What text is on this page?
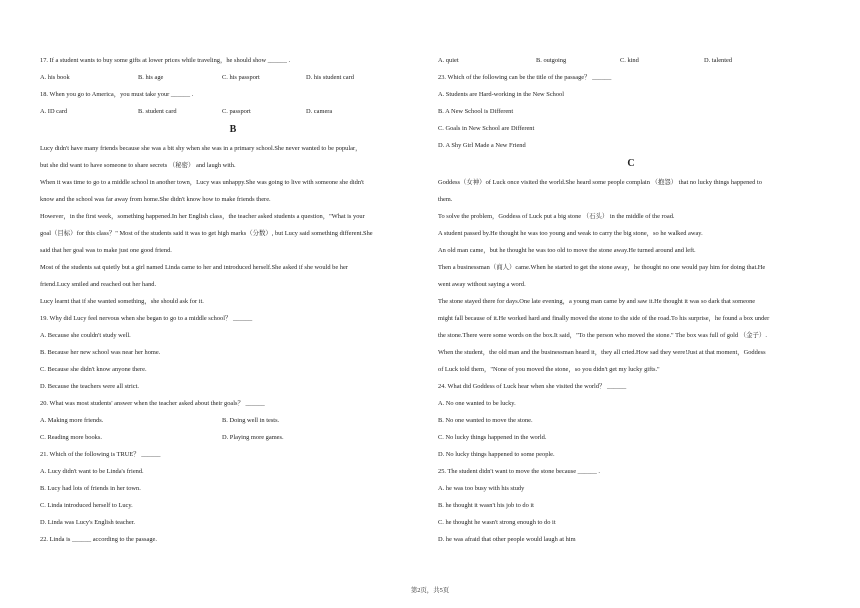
17. If a student wants to buy some gifts at lower prices while traveling，he should show ______ .
A. his book	B. his age	C. his passport	D. his student card
18. When you go to America，you must take your ______ .
A. ID card	B. student card	C. passport	D. camera
B
Lucy didn't have many friends because she was a bit shy when she was in a primary school.She never wanted to be popular，
but she did want to have someone to share secrets （秘密） and laugh with.
When it was time to go to a middle school in another town，Lucy was unhappy.She was going to live with someone she didn't
know and the school was far away from home.She didn't know how to make friends there.
However，in the first week，something happened.In her English class，the teacher asked students a question，"What is your
goal（目标）for this class？" Most of the students said it was to get high marks（分数）, but Lucy said something different.She
said that her goal was to make just one good friend.
Most of the students sat quietly but a girl named Linda came to her and introduced herself.She asked if she would be her
friend.Lucy smiled and reached out her hand.
Lucy learnt that if she wanted something，she should ask for it.
19. Why did Lucy feel nervous when she began to go to a middle school？ ______
A. Because she couldn't study well.
B. Because her new school was near her home.
C. Because she didn't know anyone there.
D. Because the teachers were all strict.
20. What was most students' answer when the teacher asked about their goals？ ______
A. Making more friends.	B. Doing well in tests.
C. Reading more books.	D. Playing more games.
21. Which of the following is TRUE？ ______
A. Lucy didn't want to be Linda's friend.
B. Lucy had lots of friends in her town.
C. Linda introduced herself to Lucy.
D. Linda was Lucy's English teacher.
22. Linda is ______ according to the passage.
A. quiet	B. outgoing	C. kind	D. talented
23. Which of the following can be the title of the passage？ ______
A. Students are Hard-working in the New School
B. A New School is Different
C. Goals in New School are Different
D. A Shy Girl Made a New Friend
C
Goddess（女神）of Luck once visited the world.She heard some people complain （抱怨） that no lucky things happened to
them.
To solve the problem，Goddess of Luck put a big stone （石头） in the middle of the road.
A student passed by.He thought he was too young and weak to carry the big stone，so he walked away.
An old man came，but he thought he was too old to move the stone away.He turned around and left.
Then a businessman（商人）came.When he started to get the stone away，he thought no one would pay him for doing that.He
went away without saying a word.
The stone stayed there for days.One late evening，a young man came by and saw it.He thought it was so dark that someone
might fall because of it.He worked hard and finally moved the stone to the side of the road.To his surprise，he found a box under
the stone.There were some words on the box.It said，"To the person who moved the stone." The box was full of gold （金子）.
When the student，the old man and the businessman heard it，they all cried.How sad they were!Just at that moment，Goddess
of Luck told them，"None of you moved the stone，so you didn't get my lucky gifts."
24. What did Goddess of Luck hear when she visited the world？ ______
A. No one wanted to be lucky.
B. No one wanted to move the stone.
C. No lucky things happened in the world.
D. No lucky things happened to some people.
25. The student didn't want to move the stone because ______ .
A. he was too busy with his study
B. he thought it wasn't his job to do it
C. he thought he wasn't strong enough to do it
D. he was afraid that other people would laugh at him
第2页，共5页
